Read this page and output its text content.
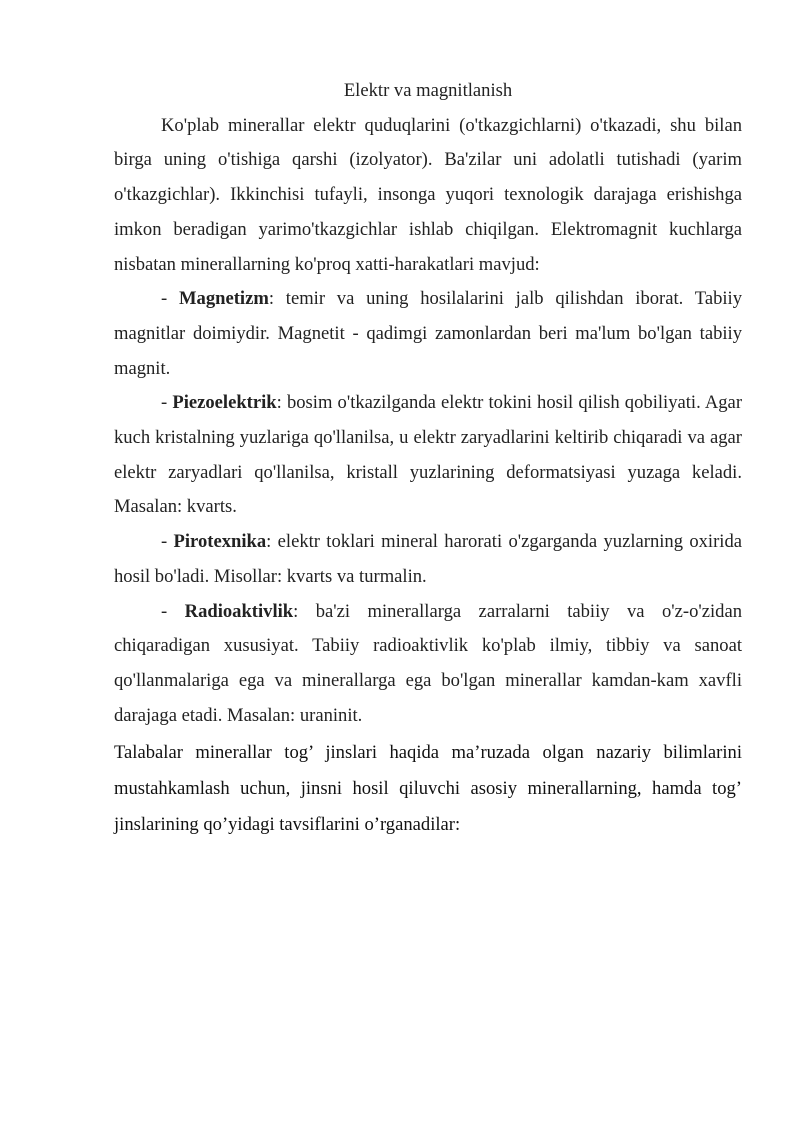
Elektr va magnitlanish

Ko'plab minerallar elektr quduqlarini (o'tkazgichlarni) o'tkazadi, shu bilan birga uning o'tishiga qarshi (izolyator). Ba'zilar uni adolatli tutishadi (yarim o'tkazgichlar). Ikkinchisi tufayli, insonga yuqori texnologik darajaga erishishga imkon beradigan yarimo'tkazgichlar ishlab chiqilgan. Elektromagnit kuchlarga nisbatan minerallarning ko'proq xatti-harakatlari mavjud:

- Magnetizm: temir va uning hosilalarini jalb qilishdan iborat. Tabiiy magnitlar doimiydir. Magnetit - qadimgi zamonlardan beri ma'lum bo'lgan tabiiy magnit.

- Piezoelektrik: bosim o'tkazilganda elektr tokini hosil qilish qobiliyati. Agar kuch kristalning yuzlariga qo'llanilsa, u elektr zaryadlarini keltirib chiqaradi va agar elektr zaryadlari qo'llanilsa, kristall yuzlarining deformatsiyasi yuzaga keladi. Masalan: kvarts.

- Pirotexnika: elektr toklari mineral harorati o'zgarganda yuzlarning oxirida hosil bo'ladi. Misollar: kvarts va turmalin.

- Radioaktivlik: ba'zi minerallarga zarralarni tabiiy va o'z-o'zidan chiqaradigan xususiyat. Tabiiy radioaktivlik ko'plab ilmiy, tibbiy va sanoat qo'llanmalariga ega va minerallarga ega bo'lgan minerallar kamdan-kam xavfli darajaga etadi. Masalan: uraninit.

Talabalar minerallar tog’ jinslari haqida ma’ruzada olgan nazariy bilimlarini mustahkamlash uchun, jinsni hosil qiluvchi asosiy minerallarning, hamda tog’ jinslarining qo’yidagi tavsiflarini o’rganadilar:
